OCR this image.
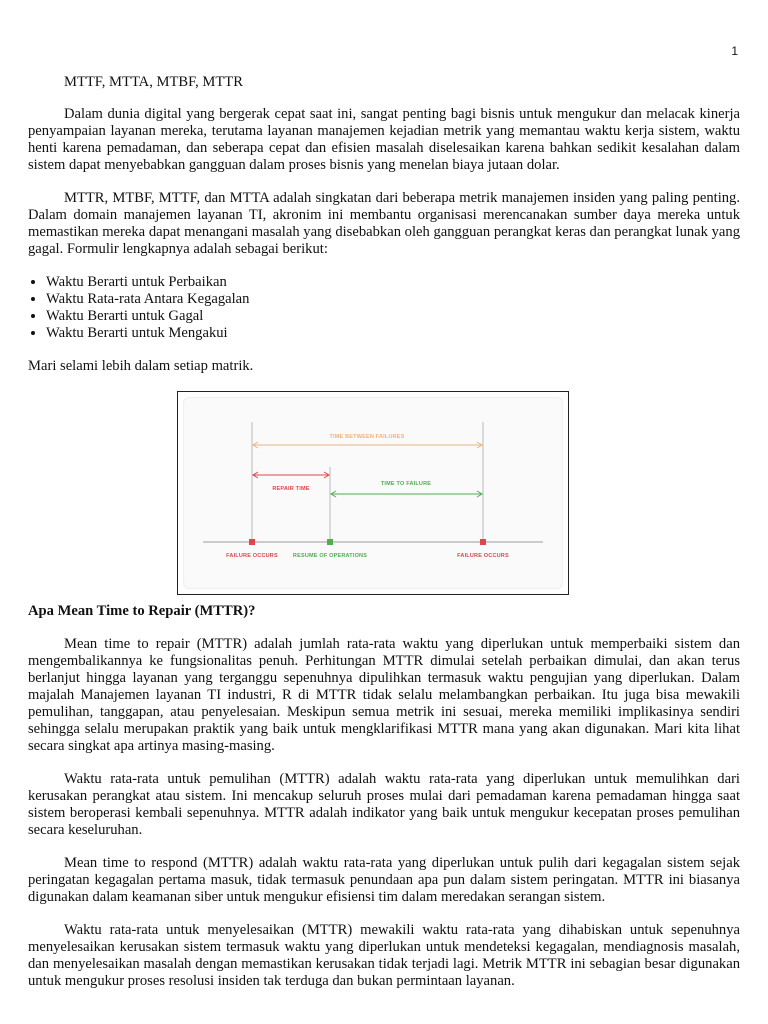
1
MTTF, MTTA, MTBF, MTTR

Dalam dunia digital yang bergerak cepat saat ini, sangat penting bagi bisnis untuk mengukur dan melacak kinerja penyampaian layanan mereka, terutama layanan manajemen kejadian metrik yang memantau waktu kerja sistem, waktu henti karena pemadaman, dan seberapa cepat dan efisien masalah diselesaikan karena bahkan sedikit kesalahan dalam sistem dapat menyebabkan gangguan dalam proses bisnis yang menelan biaya jutaan dolar.

MTTR, MTBF, MTTF, dan MTTA adalah singkatan dari beberapa metrik manajemen insiden yang paling penting. Dalam domain manajemen layanan TI, akronim ini membantu organisasi merencanakan sumber daya mereka untuk memastikan mereka dapat menangani masalah yang disebabkan oleh gangguan perangkat keras dan perangkat lunak yang gagal. Formulir lengkapnya adalah sebagai berikut:

• Waktu Berarti untuk Perbaikan
• Waktu Rata-rata Antara Kegagalan
• Waktu Berarti untuk Gagal
• Waktu Berarti untuk Mengakui

Mari selami lebih dalam setiap matrik.

TIME BETWEEN FAILURES
REPAIR TIME
TIME TO FAILURE
FAILURE OCCURS	RESUME OF OPERATIONS	FAILURE OCCURS
Apa Mean Time to Repair (MTTR)?

Mean time to repair (MTTR) adalah jumlah rata-rata waktu yang diperlukan untuk memperbaiki sistem dan mengembalikannya ke fungsionalitas penuh. Perhitungan MTTR dimulai setelah perbaikan dimulai, dan akan terus berlanjut hingga layanan yang terganggu sepenuhnya dipulihkan termasuk waktu pengujian yang diperlukan. Dalam majalah Manajemen layanan TI industri, R di MTTR tidak selalu melambangkan perbaikan. Itu juga bisa mewakili pemulihan, tanggapan, atau penyelesaian. Meskipun semua metrik ini sesuai, mereka memiliki implikasinya sendiri sehingga selalu merupakan praktik yang baik untuk mengklarifikasi MTTR mana yang akan digunakan. Mari kita lihat secara singkat apa artinya masing-masing.

Waktu rata-rata untuk pemulihan (MTTR) adalah waktu rata-rata yang diperlukan untuk memulihkan dari kerusakan perangkat atau sistem. Ini mencakup seluruh proses mulai dari pemadaman karena pemadaman hingga saat sistem beroperasi kembali sepenuhnya. MTTR adalah indikator yang baik untuk mengukur kecepatan proses pemulihan secara keseluruhan.

Mean time to respond (MTTR) adalah waktu rata-rata yang diperlukan untuk pulih dari kegagalan sistem sejak peringatan kegagalan pertama masuk, tidak termasuk penundaan apa pun dalam sistem peringatan. MTTR ini biasanya digunakan dalam keamanan siber untuk mengukur efisiensi tim dalam meredakan serangan sistem.

Waktu rata-rata untuk menyelesaikan (MTTR) mewakili waktu rata-rata yang dihabiskan untuk sepenuhnya menyelesaikan kerusakan sistem termasuk waktu yang diperlukan untuk mendeteksi kegagalan, mendiagnosis masalah, dan menyelesaikan masalah dengan memastikan kerusakan tidak terjadi lagi. Metrik MTTR ini sebagian besar digunakan untuk mengukur proses resolusi insiden tak terduga dan bukan permintaan layanan.
